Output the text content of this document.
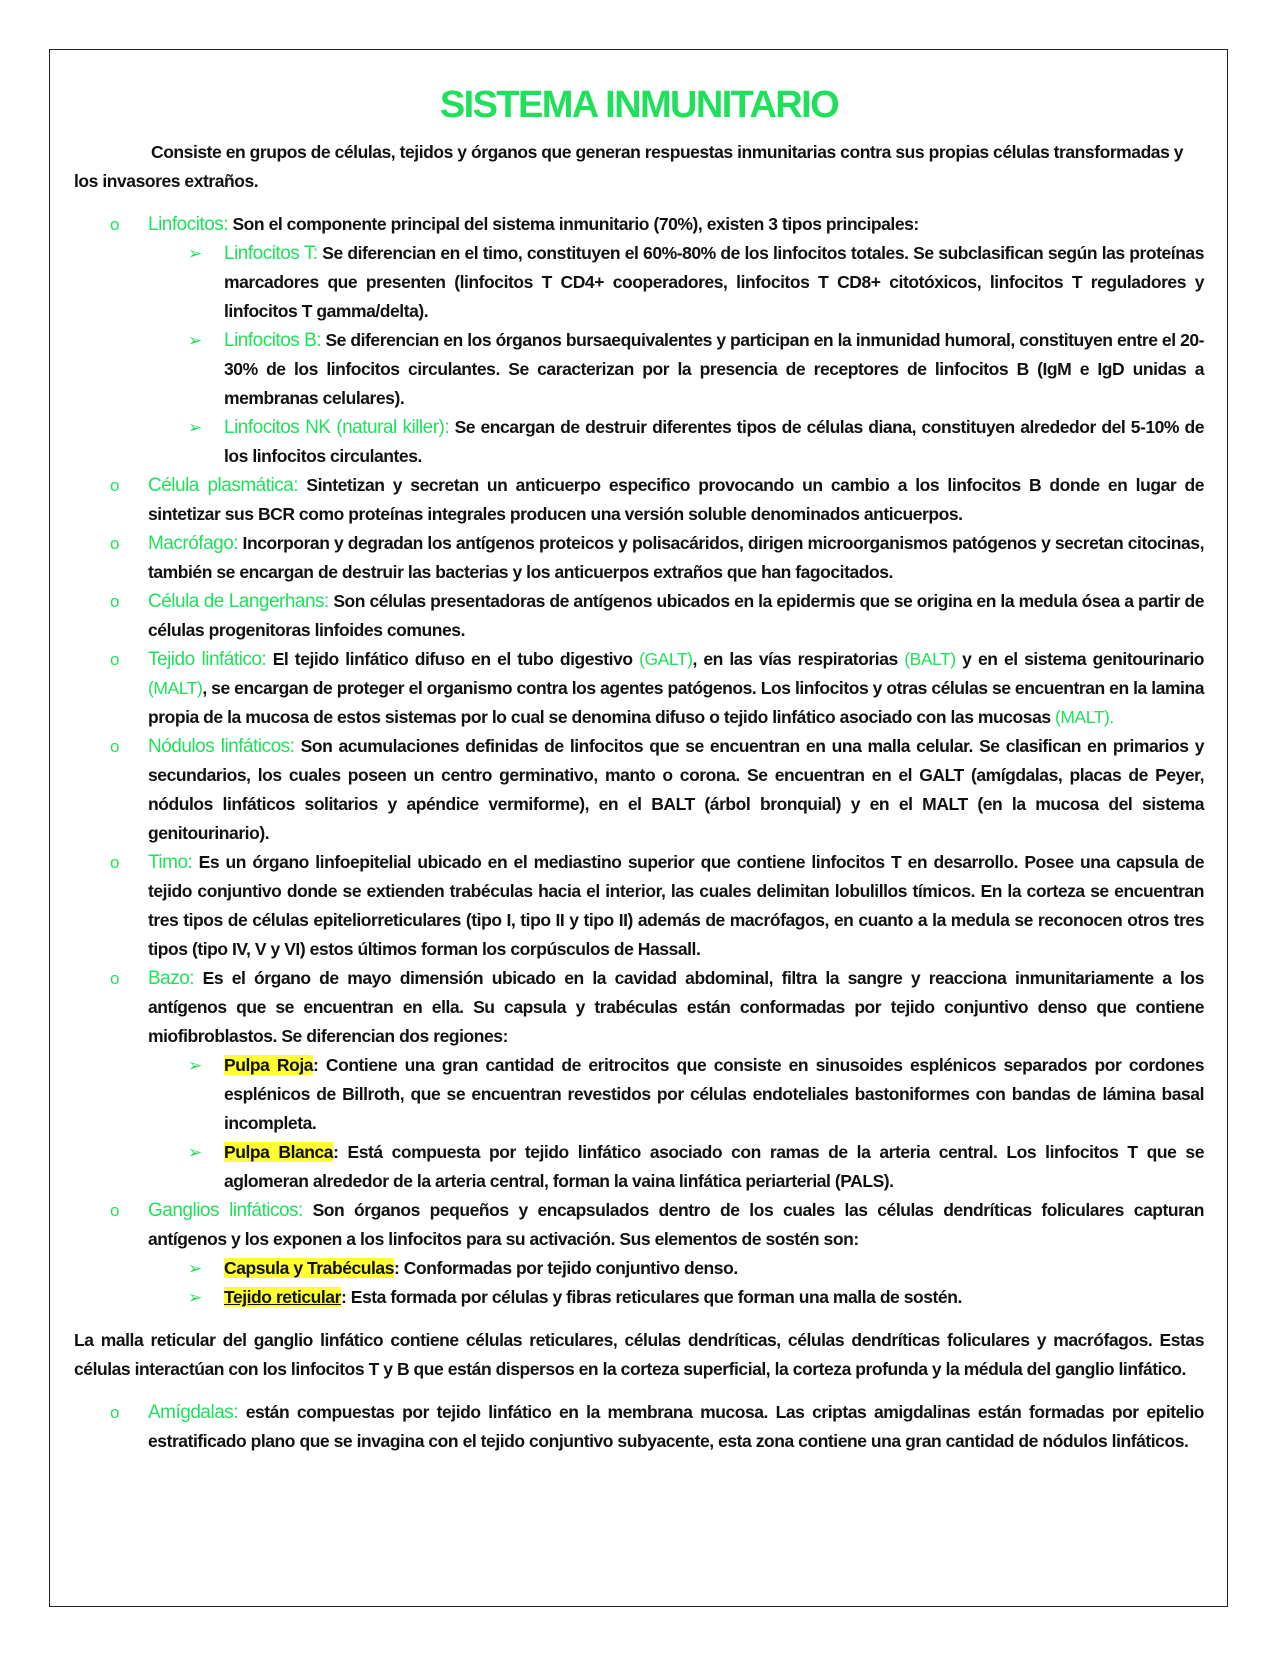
SISTEMA INMUNITARIO

Consiste en grupos de células, tejidos y órganos que generan respuestas inmunitarias contra sus propias células transformadas y los invasores extraños.

o Linfocitos: Son el componente principal del sistema inmunitario (70%), existen 3 tipos principales:
➢ Linfocitos T: Se diferencian en el timo, constituyen el 60%-80% de los linfocitos totales. Se subclasifican según las proteínas marcadores que presenten (linfocitos T CD4+ cooperadores, linfocitos T CD8+ citotóxicos, linfocitos T reguladores y linfocitos T gamma/delta).
➢ Linfocitos B: Se diferencian en los órganos bursaequivalentes y participan en la inmunidad humoral, constituyen entre el 20-30% de los linfocitos circulantes. Se caracterizan por la presencia de receptores de linfocitos B (IgM e IgD unidas a membranas celulares).
➢ Linfocitos NK (natural killer): Se encargan de destruir diferentes tipos de células diana, constituyen alrededor del 5-10% de los linfocitos circulantes.
o Célula plasmática: Sintetizan y secretan un anticuerpo especifico provocando un cambio a los linfocitos B donde en lugar de sintetizar sus BCR como proteínas integrales producen una versión soluble denominados anticuerpos.
o Macrófago: Incorporan y degradan los antígenos proteicos y polisacáridos, dirigen microorganismos patógenos y secretan citocinas, también se encargan de destruir las bacterias y los anticuerpos extraños que han fagocitados.
o Célula de Langerhans: Son células presentadoras de antígenos ubicados en la epidermis que se origina en la medula ósea a partir de células progenitoras linfoides comunes.
o Tejido linfático: El tejido linfático difuso en el tubo digestivo (GALT), en las vías respiratorias (BALT) y en el sistema genitourinario (MALT), se encargan de proteger el organismo contra los agentes patógenos. Los linfocitos y otras células se encuentran en la lamina propia de la mucosa de estos sistemas por lo cual se denomina difuso o tejido linfático asociado con las mucosas (MALT).
o Nódulos linfáticos: Son acumulaciones definidas de linfocitos que se encuentran en una malla celular. Se clasifican en primarios y secundarios, los cuales poseen un centro germinativo, manto o corona. Se encuentran en el GALT (amígdalas, placas de Peyer, nódulos linfáticos solitarios y apéndice vermiforme), en el BALT (árbol bronquial) y en el MALT (en la mucosa del sistema genitourinario).
o Timo: Es un órgano linfoepitelial ubicado en el mediastino superior que contiene linfocitos T en desarrollo. Posee una capsula de tejido conjuntivo donde se extienden trabéculas hacia el interior, las cuales delimitan lobulillos tímicos. En la corteza se encuentran tres tipos de células epiteliorreticulares (tipo I, tipo II y tipo II) además de macrófagos, en cuanto a la medula se reconocen otros tres tipos (tipo IV, V y VI) estos últimos forman los corpúsculos de Hassall.
o Bazo: Es el órgano de mayo dimensión ubicado en la cavidad abdominal, filtra la sangre y reacciona inmunitariamente a los antígenos que se encuentran en ella. Su capsula y trabéculas están conformadas por tejido conjuntivo denso que contiene miofibroblastos. Se diferencian dos regiones:
➢ Pulpa Roja: Contiene una gran cantidad de eritrocitos que consiste en sinusoides esplénicos separados por cordones esplénicos de Billroth, que se encuentran revestidos por células endoteliales bastoniformes con bandas de lámina basal incompleta.
➢ Pulpa Blanca: Está compuesta por tejido linfático asociado con ramas de la arteria central. Los linfocitos T que se aglomeran alrededor de la arteria central, forman la vaina linfática periarterial (PALS).
o Ganglios linfáticos: Son órganos pequeños y encapsulados dentro de los cuales las células dendríticas foliculares capturan antígenos y los exponen a los linfocitos para su activación. Sus elementos de sostén son:
➢ Capsula y Trabéculas: Conformadas por tejido conjuntivo denso.
➢ Tejido reticular: Esta formada por células y fibras reticulares que forman una malla de sostén.

La malla reticular del ganglio linfático contiene células reticulares, células dendríticas, células dendríticas foliculares y macrófagos. Estas células interactúan con los linfocitos T y B que están dispersos en la corteza superficial, la corteza profunda y la médula del ganglio linfático.

o Amígdalas: están compuestas por tejido linfático en la membrana mucosa. Las criptas amigdalinas están formadas por epitelio estratificado plano que se invagina con el tejido conjuntivo subyacente, esta zona contiene una gran cantidad de nódulos linfáticos.
